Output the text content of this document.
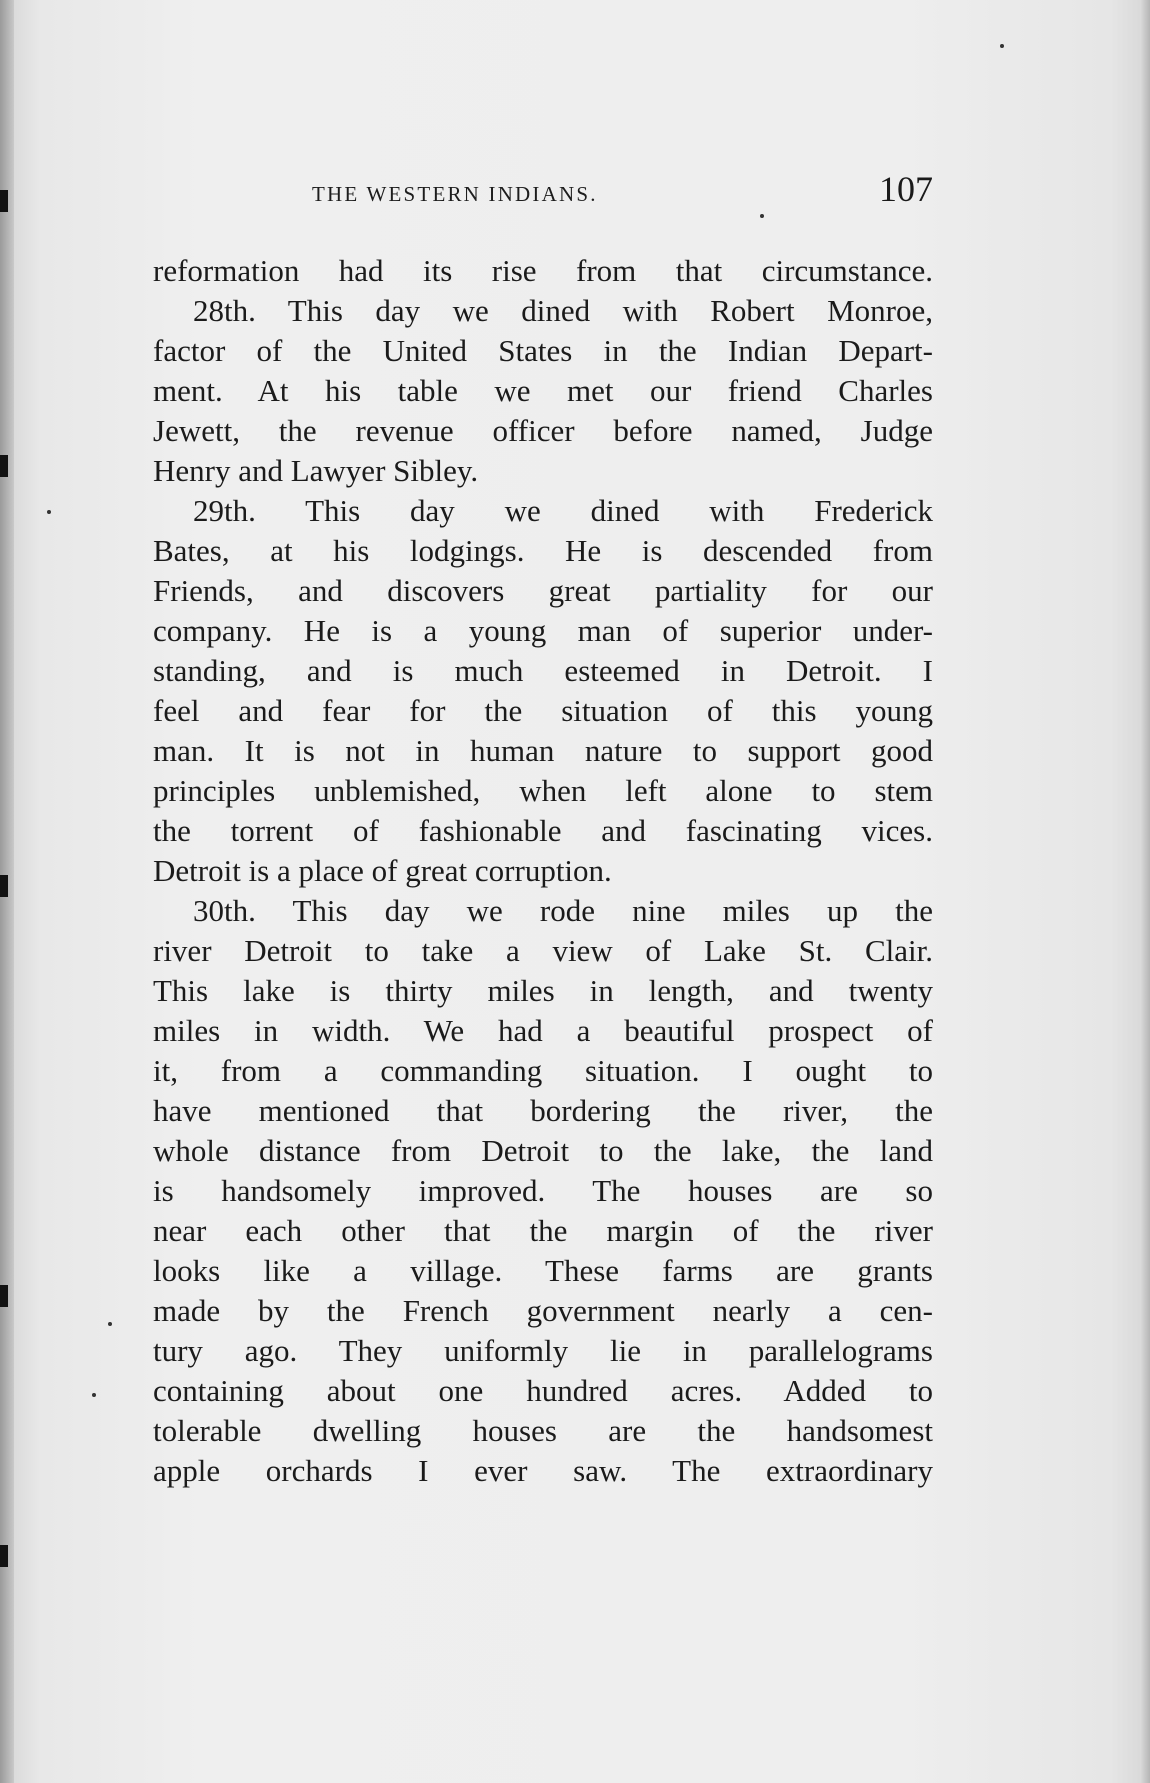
THE WESTERN INDIANS.	107
reformation had its rise from that circumstance.
28th. This day we dined with Robert Monroe,
factor of the United States in the Indian Depart-
ment. At his table we met our friend Charles
Jewett, the revenue officer before named, Judge
Henry and Lawyer Sibley.
29th. This day we dined with Frederick
Bates, at his lodgings. He is descended from
Friends, and discovers great partiality for our
company. He is a young man of superior under-
standing, and is much esteemed in Detroit. I
feel and fear for the situation of this young
man. It is not in human nature to support good
principles unblemished, when left alone to stem
the torrent of fashionable and fascinating vices.
Detroit is a place of great corruption.
30th. This day we rode nine miles up the
river Detroit to take a view of Lake St. Clair.
This lake is thirty miles in length, and twenty
miles in width. We had a beautiful prospect of
it, from a commanding situation. I ought to
have mentioned that bordering the river, the
whole distance from Detroit to the lake, the land
is handsomely improved. The houses are so
near each other that the margin of the river
looks like a village. These farms are grants
made by the French government nearly a cen-
tury ago. They uniformly lie in parallelograms
containing about one hundred acres. Added to
tolerable dwelling houses are the handsomest
apple orchards I ever saw. The extraordinary
